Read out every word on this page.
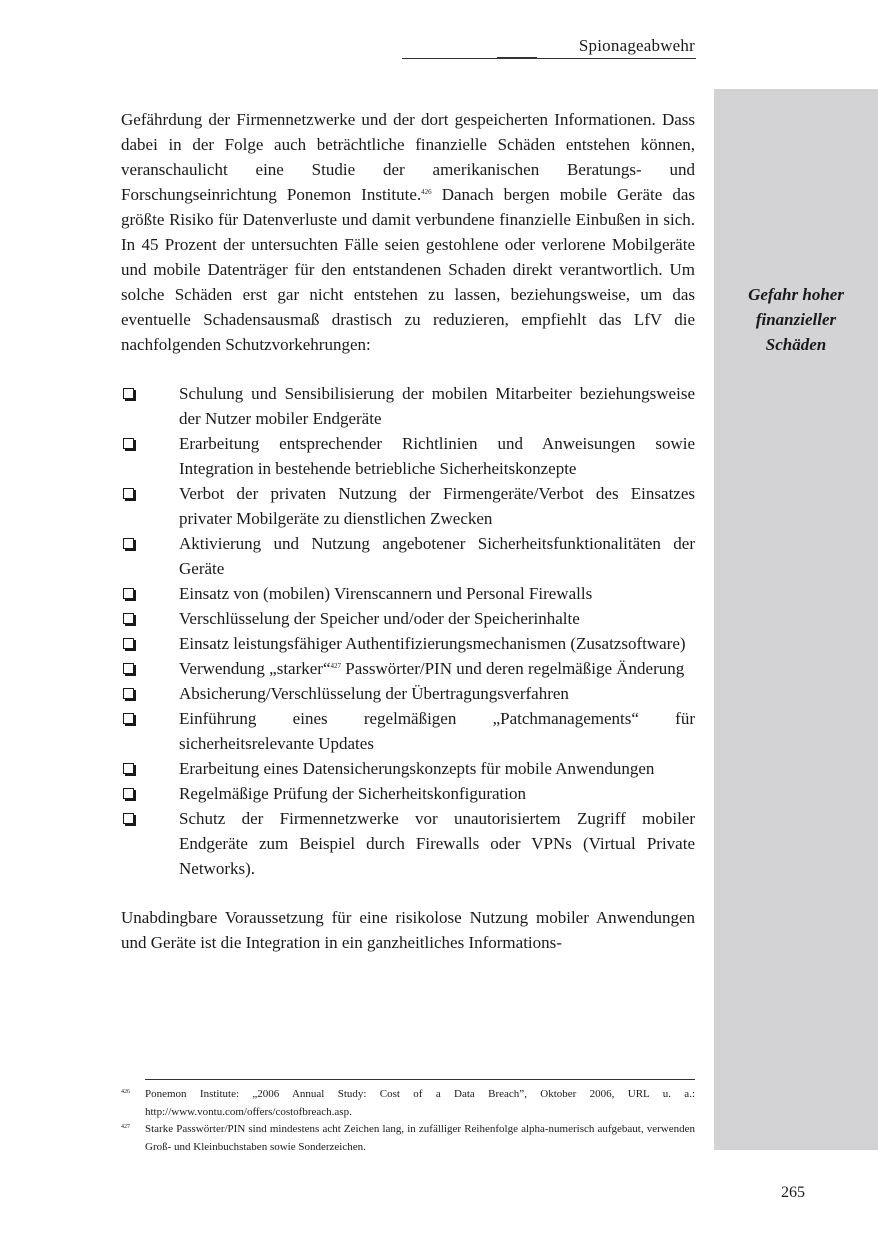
Spionageabwehr
Gefahr hoher
finanzieller
Schäden

Gefährdung der Firmennetzwerke und der dort gespeicherten Informationen. Dass dabei in der Folge auch beträchtliche finanzielle Schäden entstehen können, veranschaulicht eine Studie der amerikanischen Beratungs- und Forschungseinrichtung Ponemon Institute.$^{426}$ Danach bergen mobile Geräte das größte Risiko für Datenverluste und damit verbundene finanzielle Einbußen in sich. In 45 Prozent der untersuchten Fälle seien gestohlene oder verlorene Mobilgeräte und mobile Datenträger für den entstandenen Schaden direkt verantwortlich. Um solche Schäden erst gar nicht entstehen zu lassen, beziehungsweise, um das eventuelle Schadensausmaß drastisch zu reduzieren, empfiehlt das LfV die nachfolgenden Schutzvorkehrungen:

Schulung und Sensibilisierung der mobilen Mitarbeiter beziehungsweise der Nutzer mobiler Endgeräte
Erarbeitung entsprechender Richtlinien und Anweisungen sowie Integration in bestehende betriebliche Sicherheitskonzepte
Verbot der privaten Nutzung der Firmengeräte/Verbot des Einsatzes privater Mobilgeräte zu dienstlichen Zwecken
Aktivierung und Nutzung angebotener Sicherheitsfunktionalitäten der Geräte
Einsatz von (mobilen) Virenscannern und Personal Firewalls
Verschlüsselung der Speicher und/oder der Speicherinhalte
Einsatz leistungsfähiger Authentifizierungsmechanismen (Zusatzsoftware)
Verwendung „starker“$^{427}$ Passwörter/PIN und deren regelmäßige Änderung
Absicherung/Verschlüsselung der Übertragungsverfahren
Einführung eines regelmäßigen „Patchmanagements“ für sicherheitsrelevante Updates
Erarbeitung eines Datensicherungskonzepts für mobile Anwendungen
Regelmäßige Prüfung der Sicherheitskonfiguration
Schutz der Firmennetzwerke vor unautorisiertem Zugriff mobiler Endgeräte zum Beispiel durch Firewalls oder VPNs (Virtual Private Networks).

Unabdingbare Voraussetzung für eine risikolose Nutzung mobiler Anwendungen und Geräte ist die Integration in ein ganzheitliches Informations-

426 Ponemon Institute: „2006 Annual Study: Cost of a Data Breach”, Oktober 2006, URL u. a.: http://www.vontu.com/offers/costofbreach.asp.
427 Starke Passwörter/PIN sind mindestens acht Zeichen lang, in zufälliger Reihenfolge alpha-numerisch aufgebaut, verwenden Groß- und Kleinbuchstaben sowie Sonderzeichen.
265
